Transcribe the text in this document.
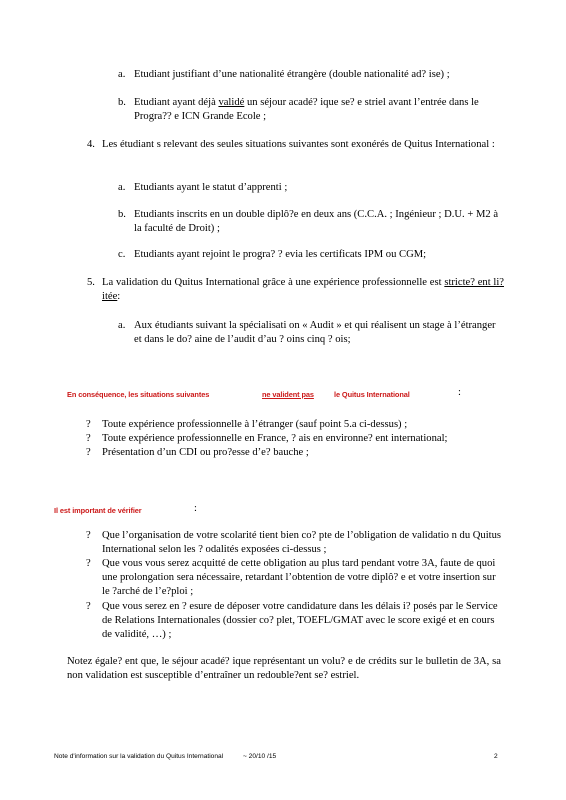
a. Etudiant justifiant d’une nationalité étrangère (double nationalité ad? ise) ;
b. Etudiant ayant déjà validé un séjour acadé? ique se? e striel avant l’entrée dans le Progra?? e ICN Grande Ecole ;
4. Les étudiant s relevant des seules situations suivantes sont exonérés de Quitus International :
a. Etudiants ayant le statut d’apprenti ;
b. Etudiants inscrits en un double diplô?e en deux ans (C.C.A. ; Ingénieur ; D.U. + M2 à la faculté de Droit) ;
c. Etudiants ayant rejoint le progra? ? evia les certificats IPM ou CGM;
5. La validation du Quitus International grâce à une expérience professionnelle est stricte? ent li? itée:
a. Aux étudiants suivant la spécialisati on « Audit » et qui réalisent un stage à l’étranger et dans le do? aine de l’audit d’au ? oins cinq ? ois;
En conséquence, les situations suivantes	ne valident pas	le Quitus International	:
?	Toute expérience professionnelle à l’étranger (sauf point 5.a ci-dessus) ;
?	Toute expérience professionnelle en France, ? ais en environne? ent international;
?	Présentation d’un CDI ou pro?esse d’e? bauche ;
Il est important de vérifier	:
?	Que l’organisation de votre scolarité tient bien co? pte de l’obligation de validatio n du Quitus International selon les ? odalités exposées ci-dessus ;
?	Que vous vous serez acquitté de cette obligation au plus tard pendant votre 3A, faute de quoi une prolongation sera nécessaire, retardant l’obtention de votre diplô? e et votre insertion sur le ?arché de l’e?ploi ;
?	Que vous serez en ? esure de déposer votre candidature dans les délais i? posés par le Service de Relations Internationales (dossier co? plet, TOEFL/GMAT avec le score exigé et en cours de validité, …) ;
Notez égale? ent que, le séjour acadé? ique représentant un volu? e de crédits sur le bulletin de 3A, sa non validation est susceptible d’entraîner un redouble?ent se? estriel.
Note d'information sur la validation du Quitus International	~ 20/10 /15	2
